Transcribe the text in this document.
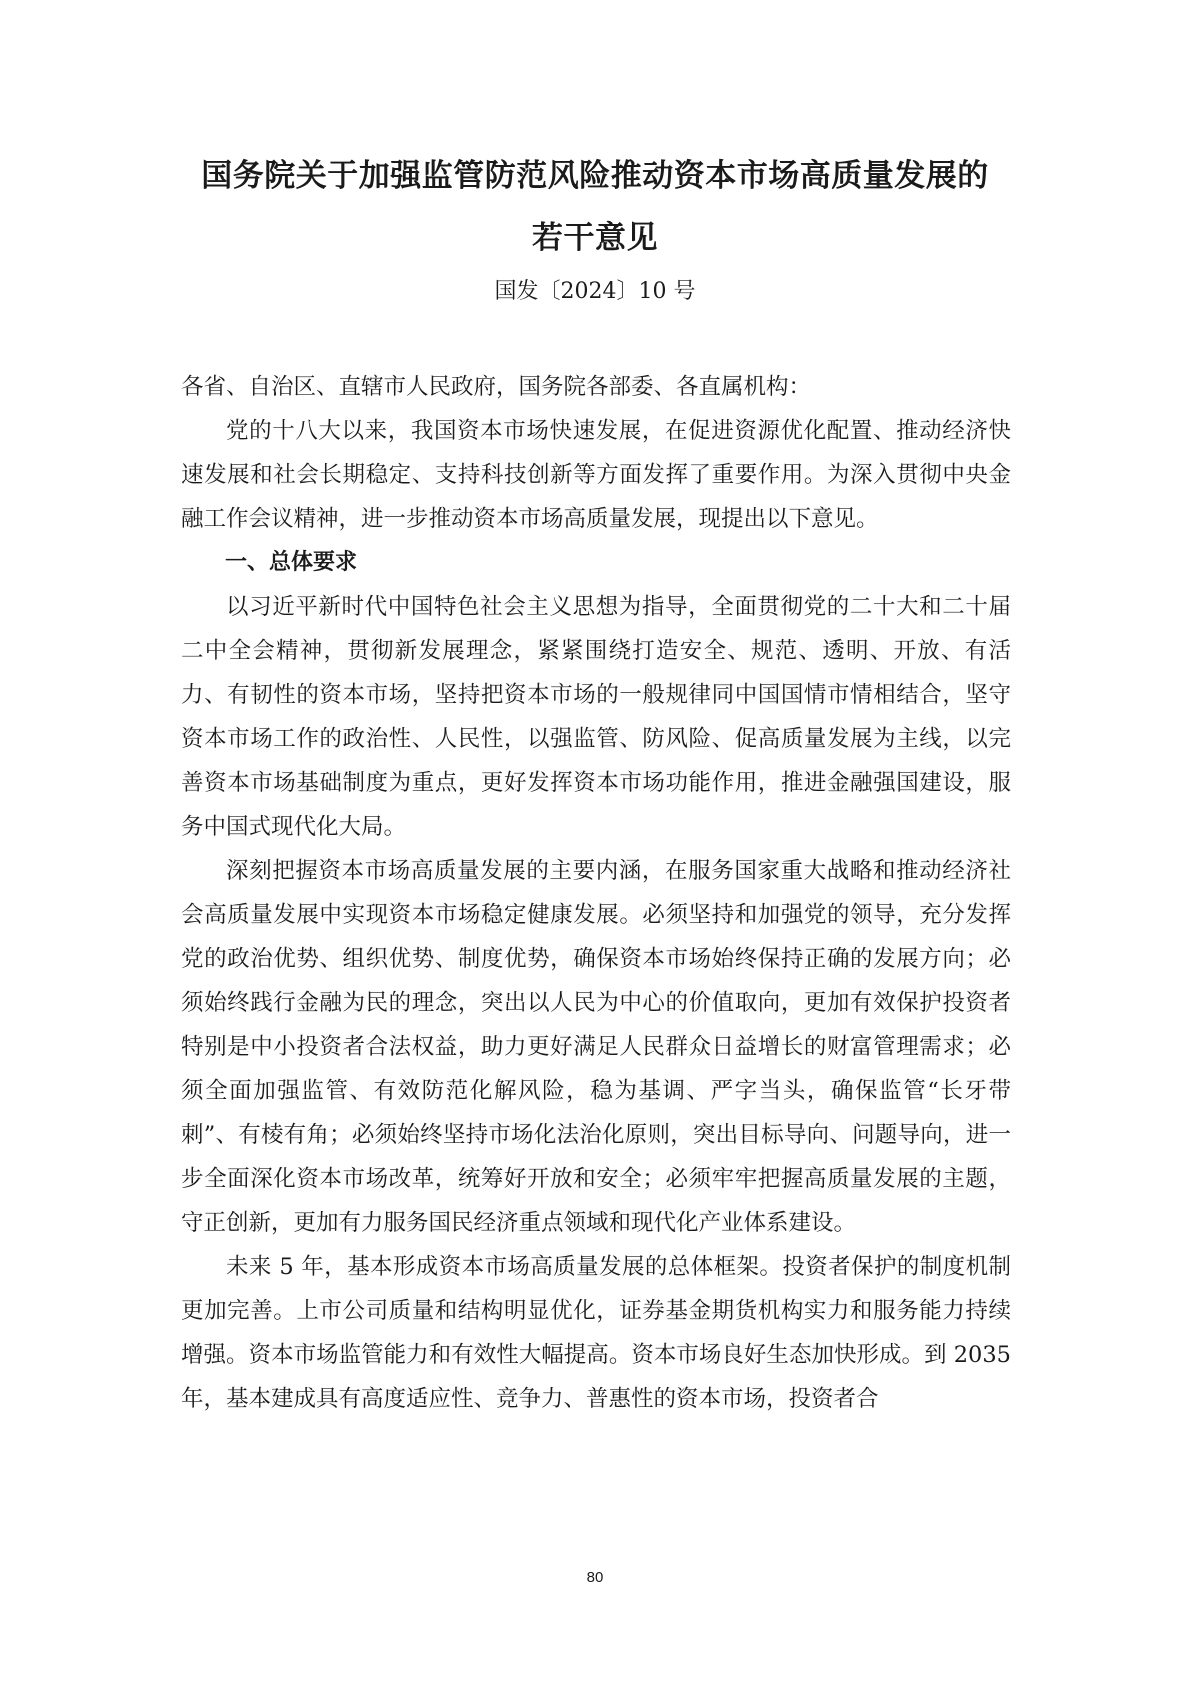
国务院关于加强监管防范风险推动资本市场高质量发展的
若干意见
国发〔2024〕10 号

各省、自治区、直辖市人民政府，国务院各部委、各直属机构：

党的十八大以来，我国资本市场快速发展，在促进资源优化配置、推动经济快速发展和社会长期稳定、支持科技创新等方面发挥了重要作用。为深入贯彻中央金融工作会议精神，进一步推动资本市场高质量发展，现提出以下意见。

一、总体要求

以习近平新时代中国特色社会主义思想为指导，全面贯彻党的二十大和二十届二中全会精神，贯彻新发展理念，紧紧围绕打造安全、规范、透明、开放、有活力、有韧性的资本市场，坚持把资本市场的一般规律同中国国情市情相结合，坚守资本市场工作的政治性、人民性，以强监管、防风险、促高质量发展为主线，以完善资本市场基础制度为重点，更好发挥资本市场功能作用，推进金融强国建设，服务中国式现代化大局。

深刻把握资本市场高质量发展的主要内涵，在服务国家重大战略和推动经济社会高质量发展中实现资本市场稳定健康发展。必须坚持和加强党的领导，充分发挥党的政治优势、组织优势、制度优势，确保资本市场始终保持正确的发展方向；必须始终践行金融为民的理念，突出以人民为中心的价值取向，更加有效保护投资者特别是中小投资者合法权益，助力更好满足人民群众日益增长的财富管理需求；必须全面加强监管、有效防范化解风险，稳为基调、严字当头，确保监管“长牙带刺”、有棱有角；必须始终坚持市场化法治化原则，突出目标导向、问题导向，进一步全面深化资本市场改革，统筹好开放和安全；必须牢牢把握高质量发展的主题，守正创新，更加有力服务国民经济重点领域和现代化产业体系建设。

未来 5 年，基本形成资本市场高质量发展的总体框架。投资者保护的制度机制更加完善。上市公司质量和结构明显优化，证券基金期货机构实力和服务能力持续增强。资本市场监管能力和有效性大幅提高。资本市场良好生态加快形成。到 2035 年，基本建成具有高度适应性、竞争力、普惠性的资本市场，投资者合

80
